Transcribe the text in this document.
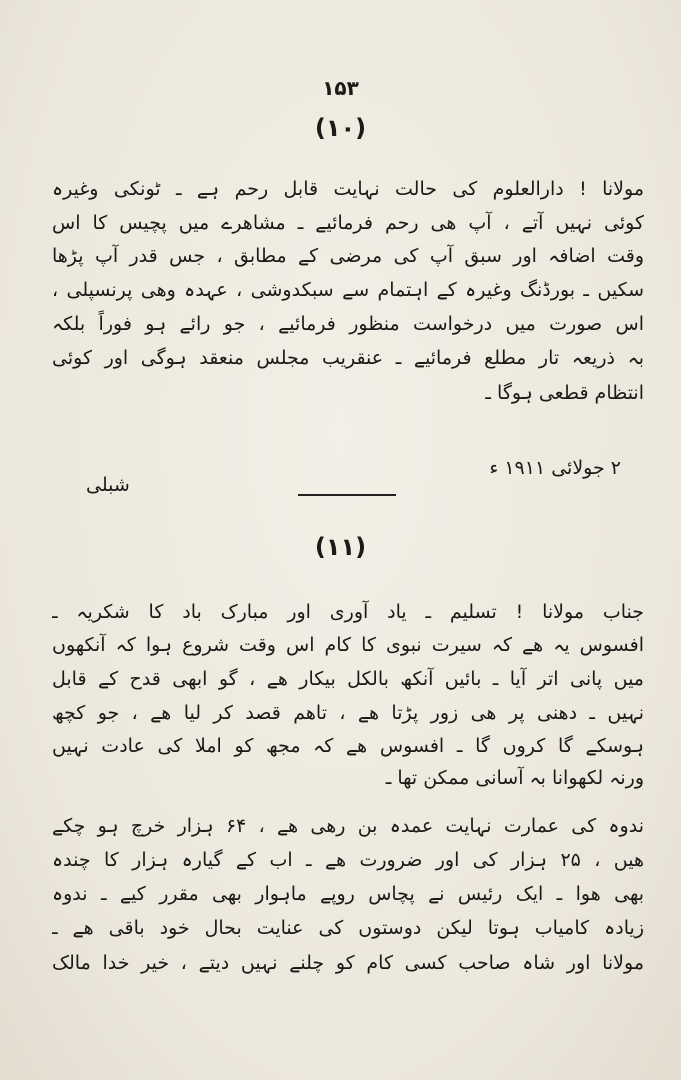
۱۵۳
(۱۰)
مولانا ! دارالعلوم کی حالت نہایت قابل رحم ہے ـ ٹونکی وغیرہ
کوئی نہیں آتے ، آپ ھی رحم فرمائیے ـ مشاھرے میں پچیس کا اس
وقت اضافہ اور سبق آپ کی مرضی کے مطابق ، جس قدر آپ پڑھا
سکیں ـ بورڈنگ وغیرہ کے اہتمام سے سبکدوشی ، عہدہ وھی پرنسپلی ،
اس صورت میں درخواست منظور فرمائیے ، جو رائے ہو فوراً بلکہ
بہ ذریعہ تار مطلع فرمائیے ـ عنقریب مجلس منعقد ہوگی اور کوئی
انتظام قطعی ہوگا ـ
۲ جولائی ۱۹۱۱ ء
شبلی
(۱۱)
جناب مولانا ! تسلیم ـ یاد آوری اور مبارک باد کا شکریہ ـ
افسوس یہ ھے کہ سیرت نبوی کا کام اس وقت شروع ہوا کہ آنکھوں
میں پانی اتر آیا ـ بائیں آنکھ بالکل بیکار ھے ، گو ابھی قدح کے قابل
نہیں ـ دھنی پر ھی زور پڑتا ھے ، تاھم قصد کر لیا ھے ، جو کچھ
ہوسکے گا کروں گا ـ افسوس ھے کہ مجھ کو املا کی عادت نہیں
ورنہ لکھوانا بہ آسانی ممکن تھا ـ
ندوہ کی عمارت نہایت عمدہ بن رھی ھے ، ۶۴ ہزار خرچ ہو چکے
ھیں ، ۲۵ ہزار کی اور ضرورت ھے ـ اب کے گیارہ ہزار کا چندہ
بھی ھوا ـ ایک رئیس نے پچاس روپے ماہوار بھی مقرر کیے ـ ندوہ
زیادہ کامیاب ہوتا لیکن دوستوں کی عنایت بحال خود باقی ھے ـ
مولانا اور شاہ صاحب کسی کام کو چلنے نہیں دیتے ، خیر خدا مالک
